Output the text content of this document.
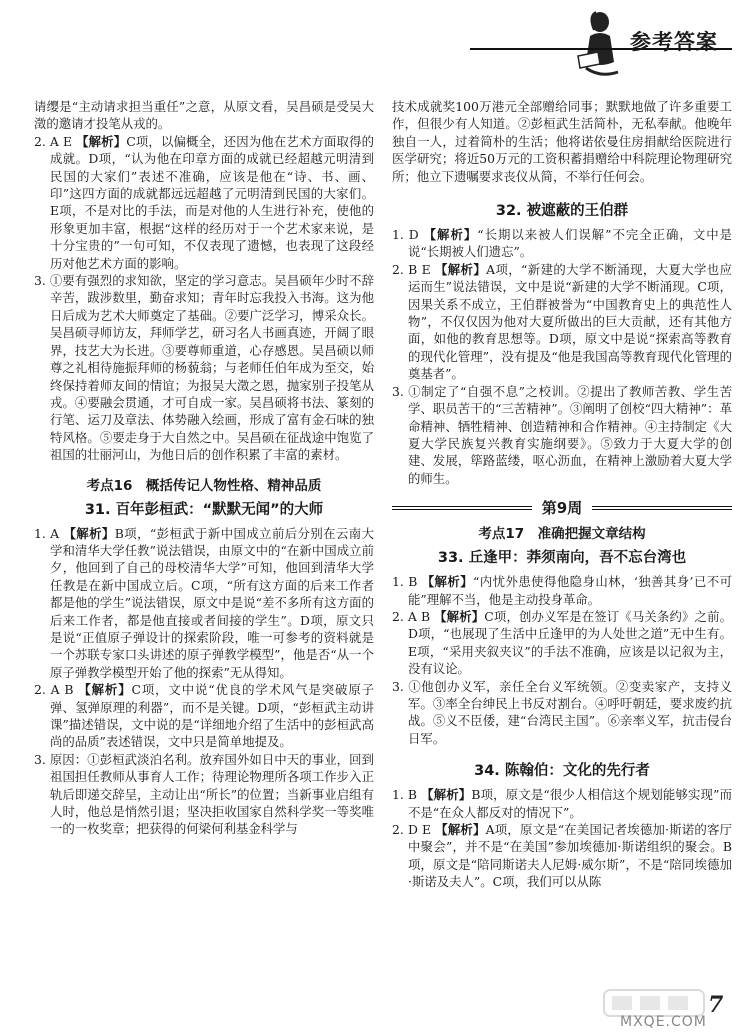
参考答案

请缨是“主动请求担当重任”之意，从原文看，吴昌硕是受吴大澂的邀请才投笔从戎的。

2. A E 【解析】C项，以偏概全，还因为他在艺术方面取得的成就。D项，“认为他在印章方面的成就已经超越元明清到民国的大家们”表述不准确，应该是他在“诗、书、画、印”这四方面的成就都远远超越了元明清到民国的大家们。E项，不是对比的手法，而是对他的人生进行补充，使他的形象更加丰富，根据“这样的经历对于一个艺术家来说，是十分宝贵的”一句可知，不仅表现了遗憾，也表现了这段经历对他艺术方面的影响。

3. ①要有强烈的求知欲，坚定的学习意志。吴昌硕年少时不辞辛苦，跋涉数里，勤奋求知；青年时忘我投入书海。这为他日后成为艺术大师奠定了基础。②要广泛学习，博采众长。吴昌硕寻师访友，拜师学艺，研习名人书画真迹，开阔了眼界，技艺大为长进。③要尊师重道，心存感恩。吴昌硕以师尊之礼相待施振拜师的杨藐翁；与老师任伯年成为至交，始终保持着师友间的情谊；为报吴大澂之恩，抛家别子投笔从戎。④要融会贯通，才可自成一家。吴昌硕将书法、篆刻的行笔、运刀及章法、体势融入绘画，形成了富有金石味的独特风格。⑤要走身于大自然之中。吴昌硕在征战途中饱览了祖国的壮丽河山，为他日后的创作积累了丰富的素材。

考点16　概括传记人物性格、精神品质
31. 百年彭桓武：“默默无闻”的大师

1. A 【解析】B项，“彭桓武于新中国成立前后分别在云南大学和清华大学任教”说法错误，由原文中的“在新中国成立前夕，他回到了自己的母校清华大学”可知，他回到清华大学任教是在新中国成立后。C项，“所有这方面的后来工作者都是他的学生”说法错误，原文中是说“差不多所有这方面的后来工作者，都是他直接或者间接的学生”。D项，原文只是说“正值原子弹设计的探索阶段，唯一可参考的资料就是一个苏联专家口头讲述的原子弹教学模型”，他是否“从一个原子弹教学模型开始了他的探索”无从得知。

2. A B 【解析】C项，文中说“优良的学术风气是突破原子弹、氢弹原理的利器”，而不是关键。D项，“彭桓武主动讲课”描述错误，文中说的是“详细地介绍了生活中的彭桓武高尚的品质”表述错误，文中只是简单地提及。

3. 原因：①彭桓武淡泊名利。放弃国外如日中天的事业，回到祖国担任教师从事育人工作；待理论物理所各项工作步入正轨后即递交辞呈，主动让出“所长”的位置；当新事业启组有人时，他总是悄然引退；坚决拒收国家自然科学奖一等奖唯一的一枚奖章；把获得的何梁何利基金科学与

技术成就奖100万港元全部赠给同事；默默地做了许多重要工作，但很少有人知道。②彭桓武生活简朴，无私奉献。他晚年独自一人，过着简朴的生活；他将诺依曼住房捐献给医院进行医学研究；将近50万元的工资积蓄捐赠给中科院理论物理研究所；他立下遗嘱要求丧仪从简，不举行任何会。

32. 被遮蔽的王伯群

1. D 【解析】“长期以来被人们误解”不完全正确，文中是说“长期被人们遗忘”。

2. B E 【解析】A项，“新建的大学不断涌现，大夏大学也应运而生”说法错误，文中是说“新建的大学不断涌现。C项，因果关系不成立，王伯群被誉为“中国教育史上的典范性人物”，不仅仅因为他对大夏所做出的巨大贡献，还有其他方面，如他的教育思想等。D项，原文中是说“探索高等教育的现代化管理”，没有提及“他是我国高等教育现代化管理的奠基者”。

3. ①制定了“自强不息”之校训。②提出了教师苦教、学生苦学、职员苦干的“三苦精神”。③阐明了创校“四大精神”：革命精神、牺牲精神、创造精神和合作精神。④主持制定《大夏大学民族复兴教育实施纲要》。⑤致力于大夏大学的创建、发展，筚路蓝缕，呕心沥血，在精神上激励着大夏大学的师生。

第9周
考点17　准确把握文章结构
33. 丘逢甲：莽须南向，吾不忘台湾也

1. B 【解析】“内忧外患使得他隐身山林，‘独善其身’已不可能”理解不当，他是主动投身革命。

2. A B 【解析】C项，创办义军是在签订《马关条约》之前。D项，“也展现了生活中丘逢甲的为人处世之道”无中生有。E项，“采用夹叙夹议”的手法不准确，应该是以记叙为主，没有议论。

3. ①他创办义军，亲任全台义军统领。②变卖家产，支持义军。③率全台绅民上书反对割台。④呼吁朝廷，要求废约抗战。⑤义不臣倭，建“台湾民主国”。⑥亲率义军，抗击侵台日军。

34. 陈翰伯：文化的先行者

1. B 【解析】B项，原文是“很少人相信这个规划能够实现”而不是“在众人都反对的情况下”。

2. D E 【解析】A项，原文是“在美国记者埃德加·斯诺的客厅中聚会”，并不是“在美国”参加埃德加·斯诺组织的聚会。B项，原文是“陪同斯诺夫人尼姆·威尔斯”，不是“陪同埃德加·斯诺及夫人”。C项，我们可以从陈

MXQE.COM
7
